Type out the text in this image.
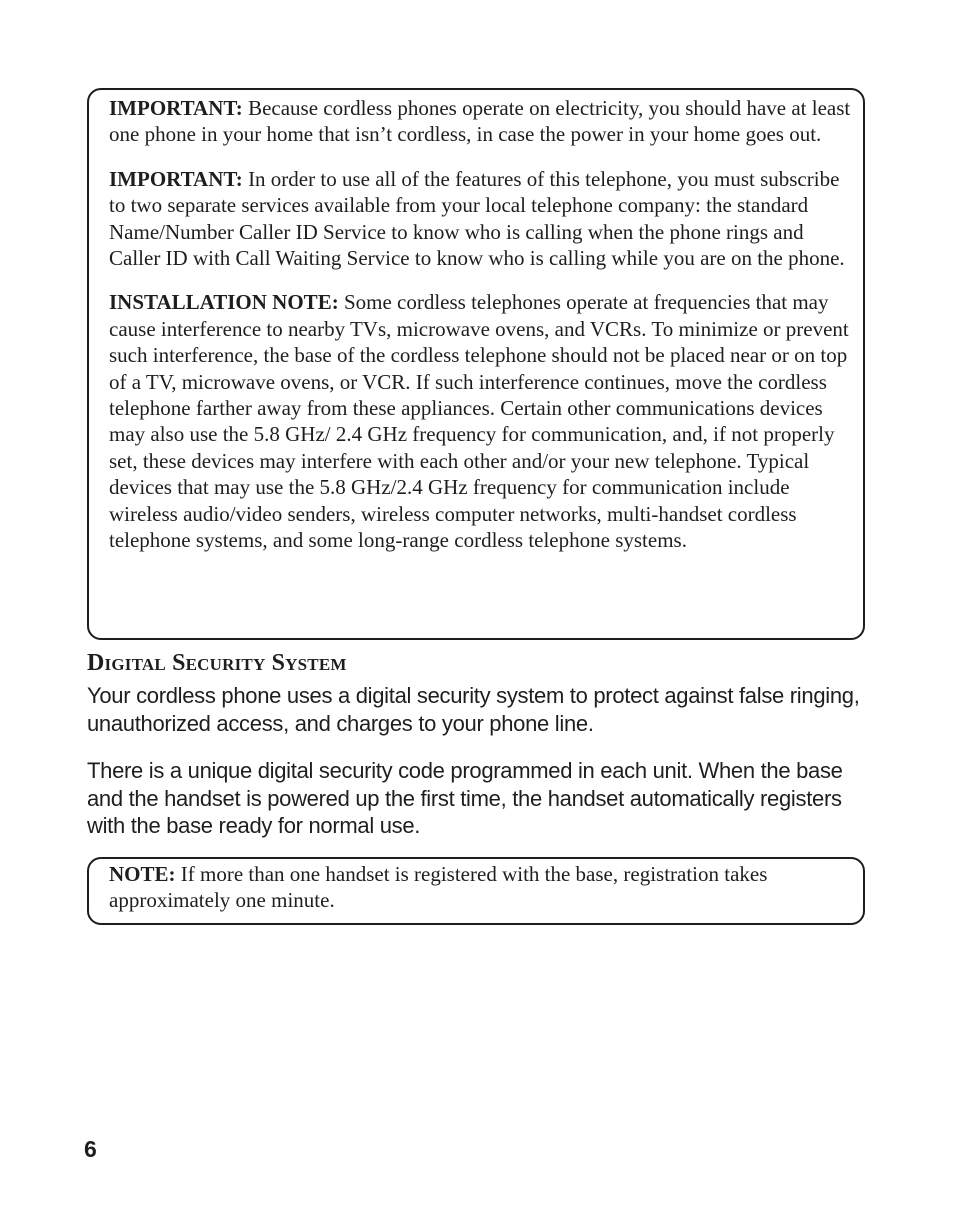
IMPORTANT: Because cordless phones operate on electricity, you should have at least one phone in your home that isn’t cordless, in case the power in your home goes out.

IMPORTANT: In order to use all of the features of this telephone, you must subscribe to two separate services available from your local telephone company: the standard Name/Number Caller ID Service to know who is calling when the phone rings and Caller ID with Call Waiting Service to know who is calling while you are on the phone.

INSTALLATION NOTE: Some cordless telephones operate at frequencies that may cause interference to nearby TVs, microwave ovens, and VCRs. To minimize or prevent such interference, the base of the cordless telephone should not be placed near or on top of a TV, microwave ovens, or VCR. If such interference continues, move the cordless telephone farther away from these appliances. Certain other communications devices may also use the 5.8 GHz/ 2.4 GHz frequency for communication, and, if not properly set, these devices may interfere with each other and/or your new telephone. Typical devices that may use the 5.8 GHz/2.4 GHz frequency for communication include wireless audio/video senders, wireless computer networks, multi-handset cordless telephone systems, and some long-range cordless telephone systems.

Digital Security System

Your cordless phone uses a digital security system to protect against false ringing, unauthorized access, and charges to your phone line.

There is a unique digital security code programmed in each unit. When the base and the handset is powered up the first time, the handset automatically registers with the base ready for normal use.

NOTE: If more than one handset is registered with the base, registration takes approximately one minute.

6
